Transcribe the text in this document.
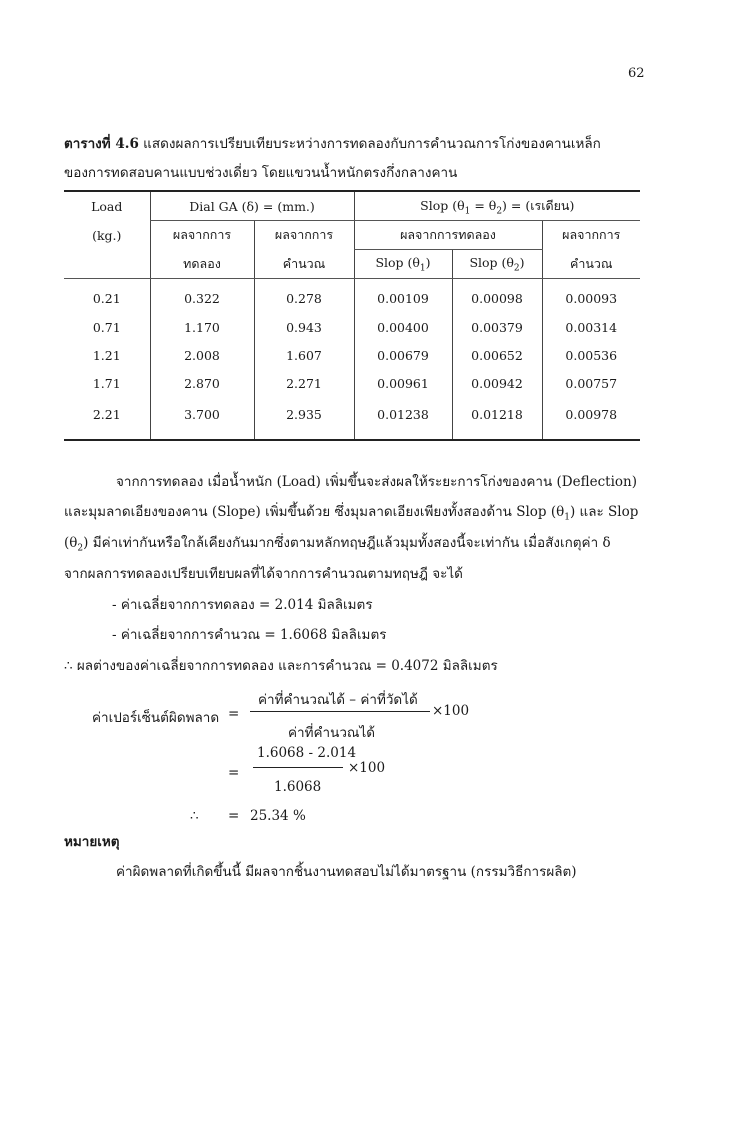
62
ตารางที่ 4.6 แสดงผลการเปรียบเทียบระหว่างการทดลองกับการคำนวณการโก่งของคานเหล็ก
ของการทดสอบคานแบบช่วงเดี่ยว โดยแขวนน้ำหนักตรงกึ่งกลางคาน
Load	Dial GA (δ) = (mm.)		Slop $(\theta_1 = \theta_2)$ = (เรเดียน)		
(kg.)	ผลจากการ	ผลจากการ	ผลจากการทดลอง		ผลจากการ
	ทดลอง	คำนวณ	Slop $(\theta_1)$	Slop $(\theta_2)$	คำนวณ
0.21	0.322	0.278	0.00109	0.00098	0.00093
0.71	1.170	0.943	0.00400	0.00379	0.00314
1.21	2.008	1.607	0.00679	0.00652	0.00536
1.71	2.870	2.271	0.00961	0.00942	0.00757
2.21	3.700	2.935	0.01238	0.01218	0.00978
จากการทดลอง เมื่อน้ำหนัก (Load) เพิ่มขึ้นจะส่งผลให้ระยะการโก่งของคาน (Deflection)
และมุมลาดเอียงของคาน (Slope) เพิ่มขึ้นด้วย ซึ่งมุมลาดเอียงเพียงทั้งสองด้าน Slop $(\theta_1)$ และ Slop
$(\theta_2)$ มีค่าเท่ากันหรือใกล้เคียงกันมากซึ่งตามหลักทฤษฎีแล้วมุมทั้งสองนี้จะเท่ากัน เมื่อสังเกตุค่า δ
จากผลการทดลองเปรียบเทียบผลที่ได้จากการคำนวณตามทฤษฎี จะได้
- ค่าเฉลี่ยจากการทดลอง = 2.014 มิลลิเมตร
- ค่าเฉลี่ยจากการคำนวณ = 1.6068 มิลลิเมตร
∴ ผลต่างของค่าเฉลี่ยจากการทดลอง และการคำนวณ = 0.4072 มิลลิเมตร
ค่าเปอร์เซ็นต์ผิดพลาด =
ค่าที่คำนวณได้ – ค่าที่วัดได้
ค่าที่คำนวณได้
×100
=
1.6068 - 2.014
×100
1.6068
∴ = 25.34 %
หมายเหตุ
ค่าผิดพลาดที่เกิดขึ้นนี้ มีผลจากชิ้นงานทดสอบไม่ได้มาตรฐาน (กรรมวิธีการผลิต)
